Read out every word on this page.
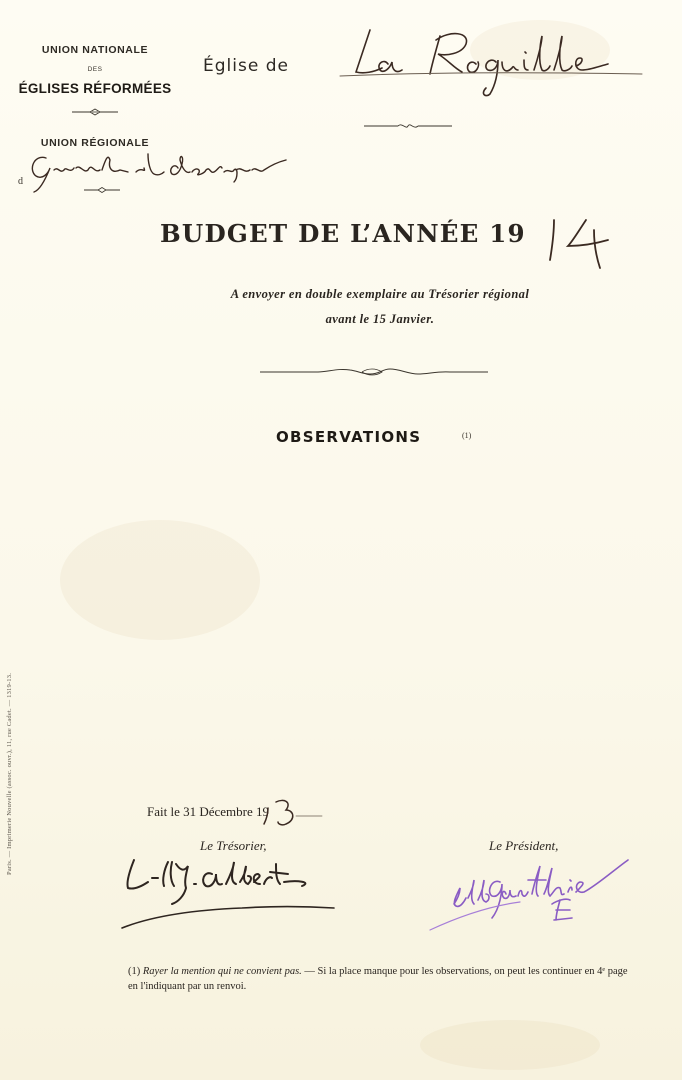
UNION NATIONALE
DES
ÉGLISES RÉFORMÉES
UNION RÉGIONALE
d
Église de
BUDGET DE L’ANNÉE 19
A envoyer en double exemplaire au Trésorier régional
avant le 15 Janvier.
OBSERVATIONS	(1)
Paris. — Imprimerie Nouvelle (assoc. ouvr.), 11, rue Cadet. — 1319-13.	Fait le 31 Décembre 19
Le Trésorier,	Le Président,
(1) Rayer la mention qui ne convient pas. — Si la place manque pour les observations, on peut les continuer en 4ᵉ page en l'indiquant par un renvoi.
